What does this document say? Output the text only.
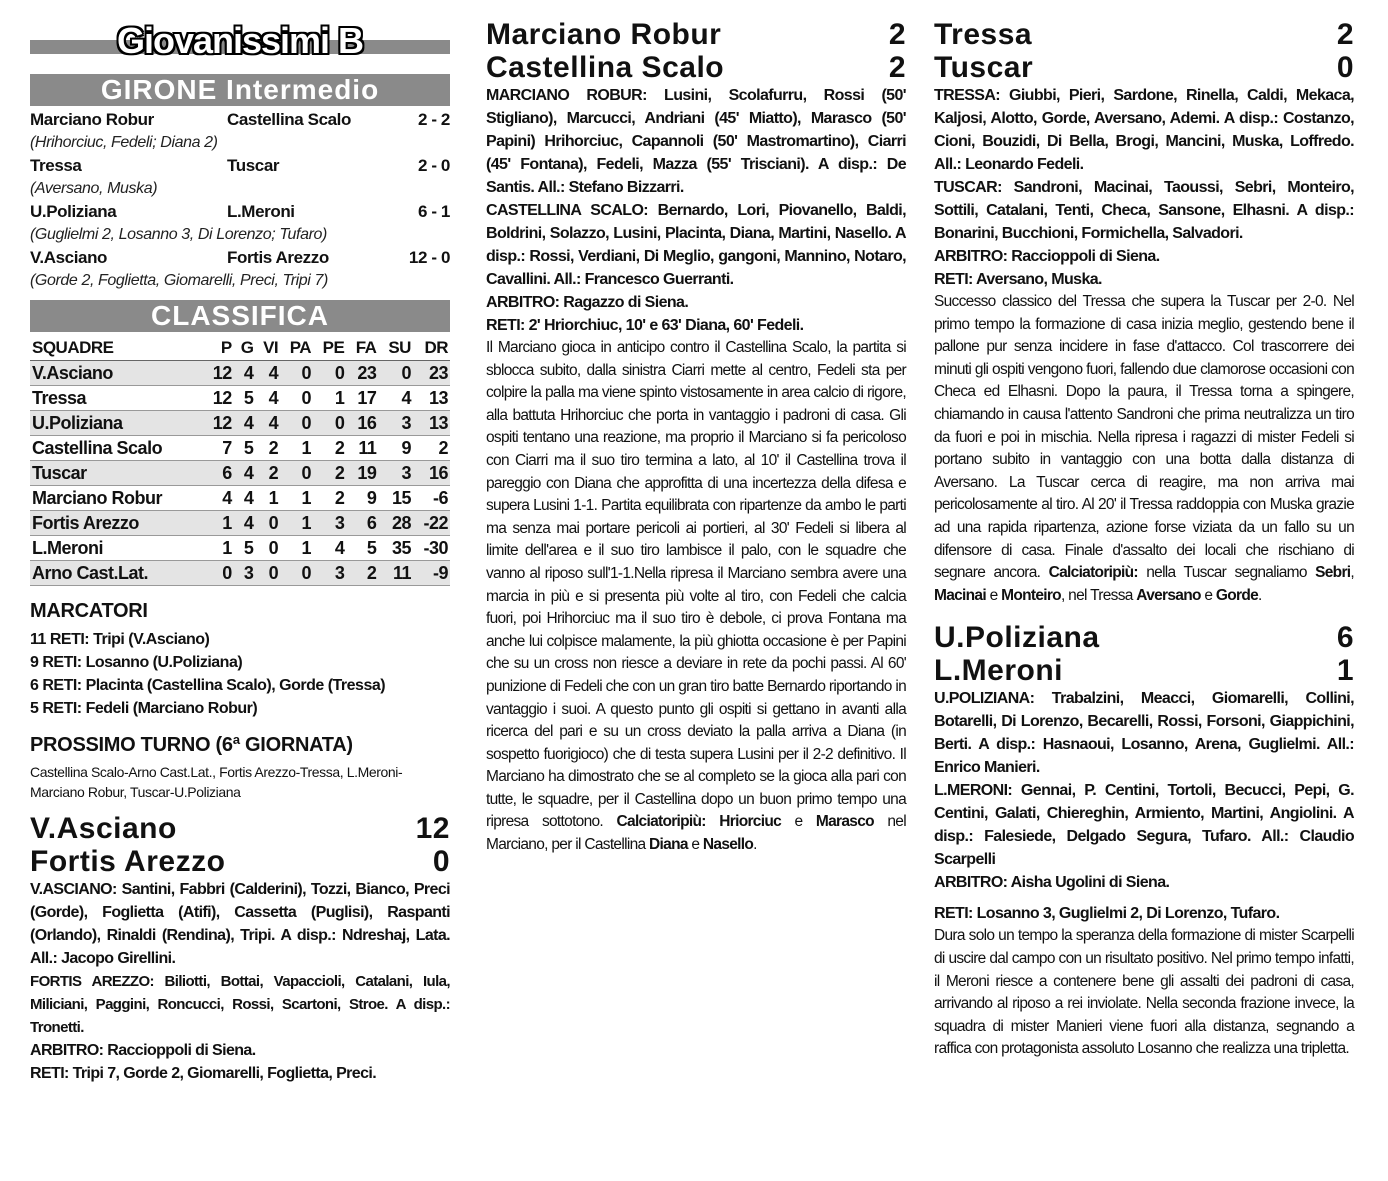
Giovanissimi B
GIRONE Intermedio
Marciano Robur	Castellina Scalo	2 - 2
(Hrihorciuc, Fedeli; Diana 2)
Tressa	Tuscar	2 - 0
(Aversano, Muska)
U.Poliziana	L.Meroni	6 - 1
(Guglielmi 2, Losanno 3, Di Lorenzo; Tufaro)
V.Asciano	Fortis Arezzo	12 - 0
(Gorde 2, Foglietta, Giomarelli, Preci, Tripi 7)
CLASSIFICA
SQUADRE	P	G	VI	PA	PE	FA	SU	DR
V.Asciano	12	4	4	0	0	23	0	23
Tressa	12	5	4	0	1	17	4	13
U.Poliziana	12	4	4	0	0	16	3	13
Castellina Scalo	7	5	2	1	2	11	9	2
Tuscar	6	4	2	0	2	19	3	16
Marciano Robur	4	4	1	1	2	9	15	-6
Fortis Arezzo	1	4	0	1	3	6	28	-22
L.Meroni	1	5	0	1	4	5	35	-30
Arno Cast.Lat.	0	3	0	0	3	2	11	-9
MARCATORI
11 RETI: Tripi (V.Asciano)
9 RETI: Losanno (U.Poliziana)
6 RETI: Placinta (Castellina Scalo), Gorde (Tressa)
5 RETI: Fedeli (Marciano Robur)
PROSSIMO TURNO (6ª GIORNATA)
Castellina Scalo-Arno Cast.Lat., Fortis Arezzo-Tressa, L.Meroni-Marciano Robur, Tuscar-U.Poliziana
V.Asciano	12
Fortis Arezzo	0
V.ASCIANO: Santini, Fabbri (Calderini), Tozzi, Bianco, Preci (Gorde), Foglietta (Atifi), Cassetta (Puglisi), Raspanti (Orlando), Rinaldi (Rendina), Tripi. A disp.: Ndreshaj, Lata. All.: Jacopo Girellini.
FORTIS AREZZO: Biliotti, Bottai, Vapaccioli, Catalani, Iula, Miliciani, Paggini, Roncucci, Rossi, Scartoni, Stroe. A disp.: Tronetti.
ARBITRO: Raccioppoli di Siena.
RETI: Tripi 7, Gorde 2, Giomarelli, Foglietta, Preci.
Marciano Robur	2
Castellina Scalo	2
MARCIANO ROBUR: Lusini, Scolafurru, Rossi (50' Stiglianо), Marcucci, Andriani (45' Miatto), Marasco (50' Papini) Hrihorciuc, Capannoli (50' Mastromartino), Ciarri (45' Fontana), Fedeli, Mazza (55' Trisciani). A disp.: De Santis. All.: Stefano Bizzarri.
CASTELLINA SCALO: Bernardo, Lori, Piovanello, Baldi, Boldrini, Solazzo, Lusini, Placinta, Diana, Martini, Nasello. A disp.: Rossi, Verdiani, Di Meglio, gangoni, Mannino, Notaro, Cavallini. All.: Francesco Guerranti.
ARBITRO: Ragazzo di Siena.
RETI: 2' Hriorchiuc, 10' e 63' Diana, 60' Fedeli.
Il Marciano gioca in anticipo contro il Castellina Scalo, la partita si sblocca subito, dalla sinistra Ciarri mette al centro, Fedeli sta per colpire la palla ma viene spinto vistosamente in area calcio di rigore, alla battuta Hrihorciuc che porta in vantaggio i padroni di casa. Gli ospiti tentano una reazione, ma proprio il Marciano si fa pericoloso con Ciarri ma il suo tiro termina a lato, al 10' il Castellina trova il pareggio con Diana che approfitta di una incertezza della difesa e supera Lusini 1-1. Partita equilibrata con ripartenze da ambo le parti ma senza mai portare pericoli ai portieri, al 30' Fedeli si libera al limite dell'area e il suo tiro lambisce il palo, con le squadre che vanno al riposo sull'1-1.Nella ripresa il Marciano sembra avere una marcia in più e si presenta più volte al tiro, con Fedeli che calcia fuori, poi Hrihorciuc ma il suo tiro è debole, ci prova Fontana ma anche lui colpisce malamente, la più ghiotta occasione è per Papini che su un cross non riesce a deviare in rete da pochi passi. Al 60' punizione di Fedeli che con un gran tiro batte Bernardo riportando in vantaggio i suoi. A questo punto gli ospiti si gettano in avanti alla ricerca del pari e su un cross deviato la palla arriva a Diana (in sospetto fuorigioco) che di testa supera Lusini per il 2-2 definitivo. Il Marciano ha dimostrato che se al completo se la gioca alla pari con tutte, le squadre, per il Castellina dopo un buon primo tempo una ripresa sottotono. Calciatoripiù: Hriorciuc e Marasco nel Marciano, per il Castellina Diana e Nasello.
Tressa	2
Tuscar	0
TRESSA: Giubbi, Pieri, Sardone, Rinella, Caldi, Mekaca, Kaljosi, Alotto, Gorde, Aversano, Ademi. A disp.: Costanzo, Cioni, Bouzidi, Di Bella, Brogi, Mancini, Muska, Loffredo. All.: Leonardo Fedeli.
TUSCAR: Sandroni, Macinai, Taoussi, Sebri, Monteiro, Sottili, Catalani, Tenti, Checa, Sansone, Elhasni. A disp.: Bonarini, Bucchioni, Formichella, Salvadori.
ARBITRO: Raccioppoli di Siena.
RETI: Aversano, Muska.
Successo classico del Tressa che supera la Tuscar per 2-0. Nel primo tempo la formazione di casa inizia meglio, gestendo bene il pallone pur senza incidere in fase d'attacco. Col trascorrere dei minuti gli ospiti vengono fuori, fallendo due clamorose occasioni con Checa ed Elhasni. Dopo la paura, il Tressa torna a spingere, chiamando in causa l'attento Sandroni che prima neutralizza un tiro da fuori e poi in mischia. Nella ripresa i ragazzi di mister Fedeli si portano subito in vantaggio con una botta dalla distanza di Aversano. La Tuscar cerca di reagire, ma non arriva mai pericolosamente al tiro. Al 20' il Tressa raddoppia con Muska grazie ad una rapida ripartenza, azione forse viziata da un fallo su un difensore di casa. Finale d'assalto dei locali che rischiano di segnare ancora. Calciatoripiù: nella Tuscar segnaliamo Sebri, Macinai e Monteiro, nel Tressa Aversano e Gorde.
U.Poliziana	6
L.Meroni	1
U.POLIZIANA: Trabalzini, Meacci, Giomarelli, Collini, Botarelli, Di Lorenzo, Becarelli, Rossi, Forsoni, Giappichini, Berti. A disp.: Hasnaoui, Losanno, Arena, Guglielmi. All.: Enrico Manieri.
L.MERONI: Gennai, P. Centini, Tortoli, Becucci, Pepi, G. Centini, Galati, Chiereghin, Armiento, Martini, Angiolini. A disp.: Falesiede, Delgado Segura, Tufaro. All.: Claudio Scarpelli
ARBITRO: Aisha Ugolini di Siena.
RETI: Losanno 3, Guglielmi 2, Di Lorenzo, Tufaro.
Dura solo un tempo la speranza della formazione di mister Scarpelli di uscire dal campo con un risultato positivo. Nel primo tempo infatti, il Meroni riesce a contenere bene gli assalti dei padroni di casa, arrivando al riposo a rei inviolate. Nella seconda frazione invece, la squadra di mister Manieri viene fuori alla distanza, segnando a raffica con protagonista assoluto Losanno che realizza una tripletta.
